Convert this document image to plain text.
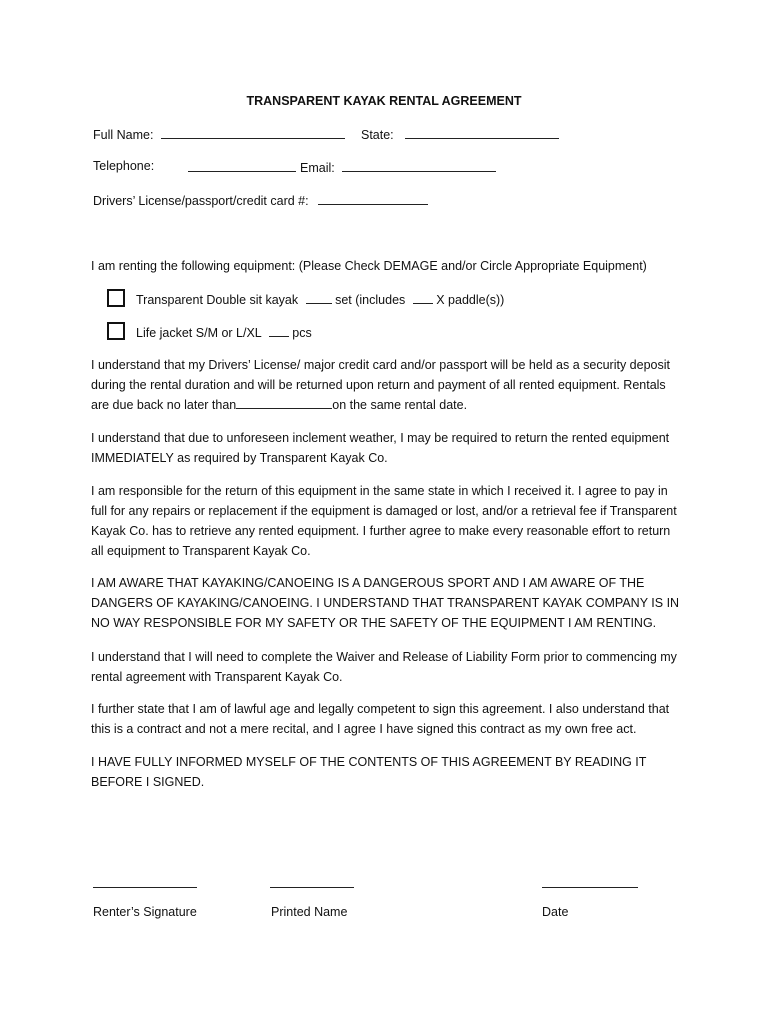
TRANSPARENT KAYAK RENTAL AGREEMENT
Full Name:	State:
Telephone:	Email:
Drivers’ License/passport/credit card #:
I am renting the following equipment: (Please Check DEMAGE and/or Circle Appropriate Equipment)
Transparent Double sit kayak	set (includes X paddle(s))
Life jacket S/M or L/XL pcs
I understand that my Drivers’ License/ major credit card and/or passport will be held as a security deposit during the rental duration and will be returned upon return and payment of all rented equipment. Rentals are due back no later than	on the same rental date.
I understand that due to unforeseen inclement weather, I may be required to return the rented equipment IMMEDIATELY as required by Transparent Kayak Co.
I am responsible for the return of this equipment in the same state in which I received it. I agree to pay in full for any repairs or replacement if the equipment is damaged or lost, and/or a retrieval fee if Transparent Kayak Co. has to retrieve any rented equipment. I further agree to make every reasonable effort to return all equipment to Transparent Kayak Co.
I AM AWARE THAT KAYAKING/CANOEING IS A DANGEROUS SPORT AND I AM AWARE OF THE DANGERS OF KAYAKING/CANOEING. I UNDERSTAND THAT TRANSPARENT KAYAK COMPANY IS IN NO WAY RESPONSIBLE FOR MY SAFETY OR THE SAFETY OF THE EQUIPMENT I AM RENTING.
I understand that I will need to complete the Waiver and Release of Liability Form prior to commencing my rental agreement with Transparent Kayak Co.
I further state that I am of lawful age and legally competent to sign this agreement. I also understand that this is a contract and not a mere recital, and I agree I have signed this contract as my own free act.
I HAVE FULLY INFORMED MYSELF OF THE CONTENTS OF THIS AGREEMENT BY READING IT BEFORE I SIGNED.
Renter’s Signature	Printed Name	Date
